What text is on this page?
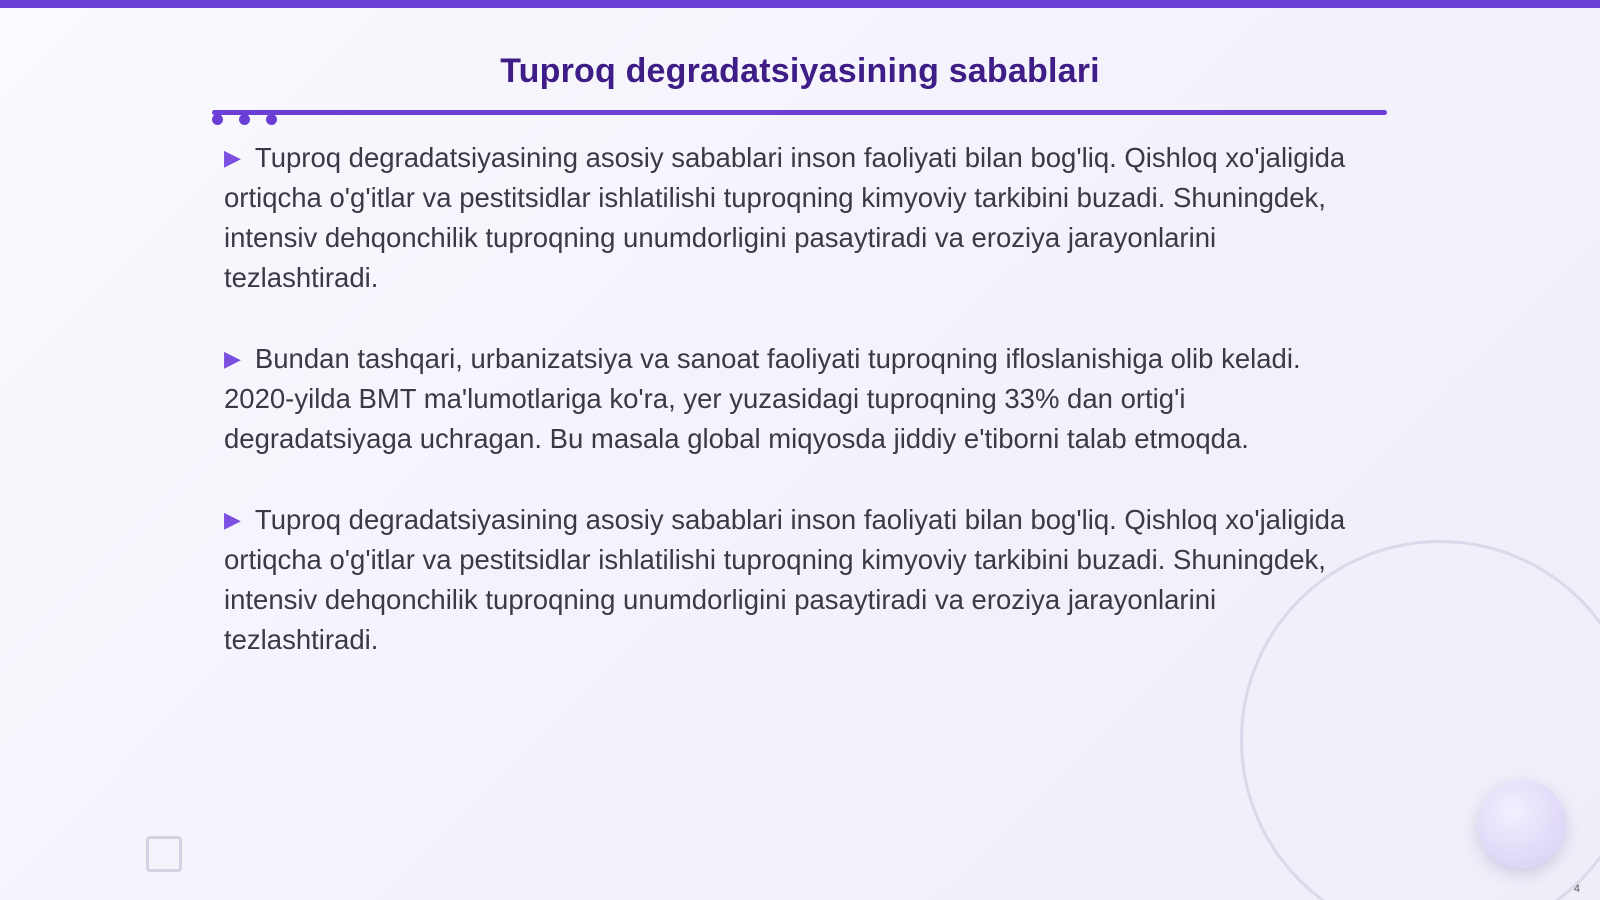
Tuproq degradatsiyasining sabablari

▶ Tuproq degradatsiyasining asosiy sabablari inson faoliyati bilan bog'liq. Qishloq xo'jaligida ortiqcha o'g'itlar va pestitsidlar ishlatilishi tuproqning kimyoviy tarkibini buzadi. Shuningdek, intensiv dehqonchilik tuproqning unumdorligini pasaytiradi va eroziya jarayonlarini tezlashtiradi.

▶ Bundan tashqari, urbanizatsiya va sanoat faoliyati tuproqning ifloslanishiga olib keladi. 2020-yilda BMT ma'lumotlariga ko'ra, yer yuzasidagi tuproqning 33% dan ortig'i degradatsiyaga uchragan. Bu masala global miqyosda jiddiy e'tiborni talab etmoqda.

▶ Tuproq degradatsiyasining asosiy sabablari inson faoliyati bilan bog'liq. Qishloq xo'jaligida ortiqcha o'g'itlar va pestitsidlar ishlatilishi tuproqning kimyoviy tarkibini buzadi. Shuningdek, intensiv dehqonchilik tuproqning unumdorligini pasaytiradi va eroziya jarayonlarini tezlashtiradi.

4
